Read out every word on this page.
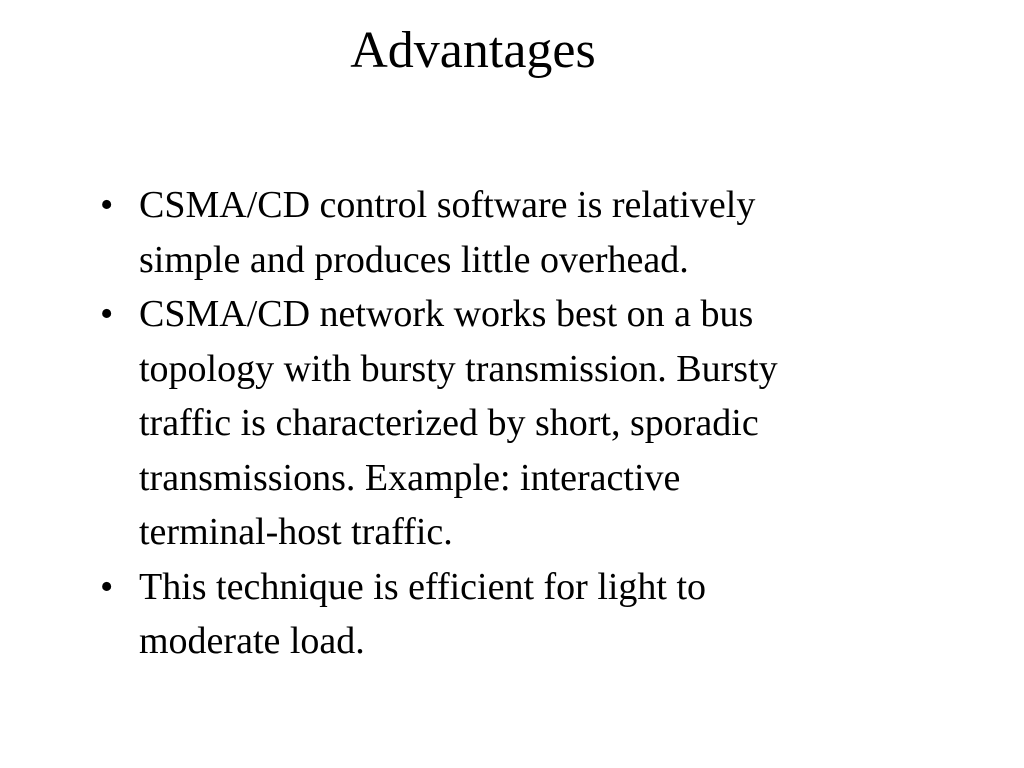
Advantages
• CSMA/CD control software is relatively
simple and produces little overhead.
• CSMA/CD network works best on a bus
topology with bursty transmission. Bursty
traffic is characterized by short, sporadic
transmissions. Example: interactive
terminal-host traffic.
• This technique is efficient for light to
moderate load.
